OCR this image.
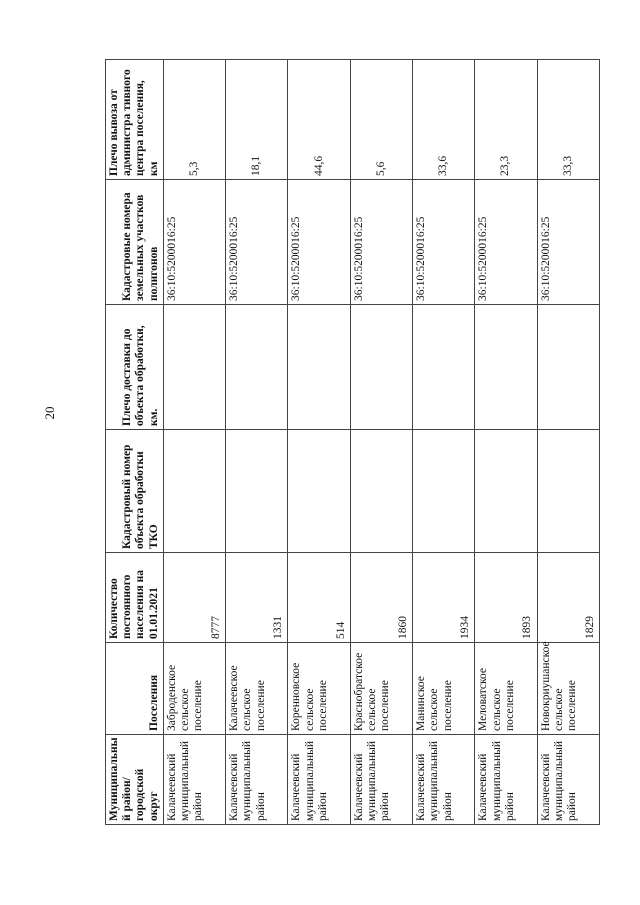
20
Муниципальны й район/ городской округ	Поселения	Количество постоянного населения на 01.01.2021	Кадастровый номер объекта обработки ТКО	Плечо доставки до объекта обработки, км.	Кадастровые номера земельных участков полигонов	Плечо вывоза от администра тивного центра поселения, км
Калачеевский муниципальный район	Заброденское сельское поселение	8777			36:10:5200016:25	5,3
Калачеевский муниципальный район	Калачеевское сельское поселение	1331			36:10:5200016:25	18,1
Калачеевский муниципальный район	Коренновское сельское поселение	514			36:10:5200016:25	44,6
Калачеевский муниципальный район	Краснобратское сельское поселение	1860			36:10:5200016:25	5,6
Калачеевский муниципальный район	Манинское сельское поселение	1934			36:10:5200016:25	33,6
Калачеевский муниципальный район	Меловатское сельское поселение	1893			36:10:5200016:25	23,3
Калачеевский муниципальный район	Новокриушанское сельское поселение	1829			36:10:5200016:25	33,3
